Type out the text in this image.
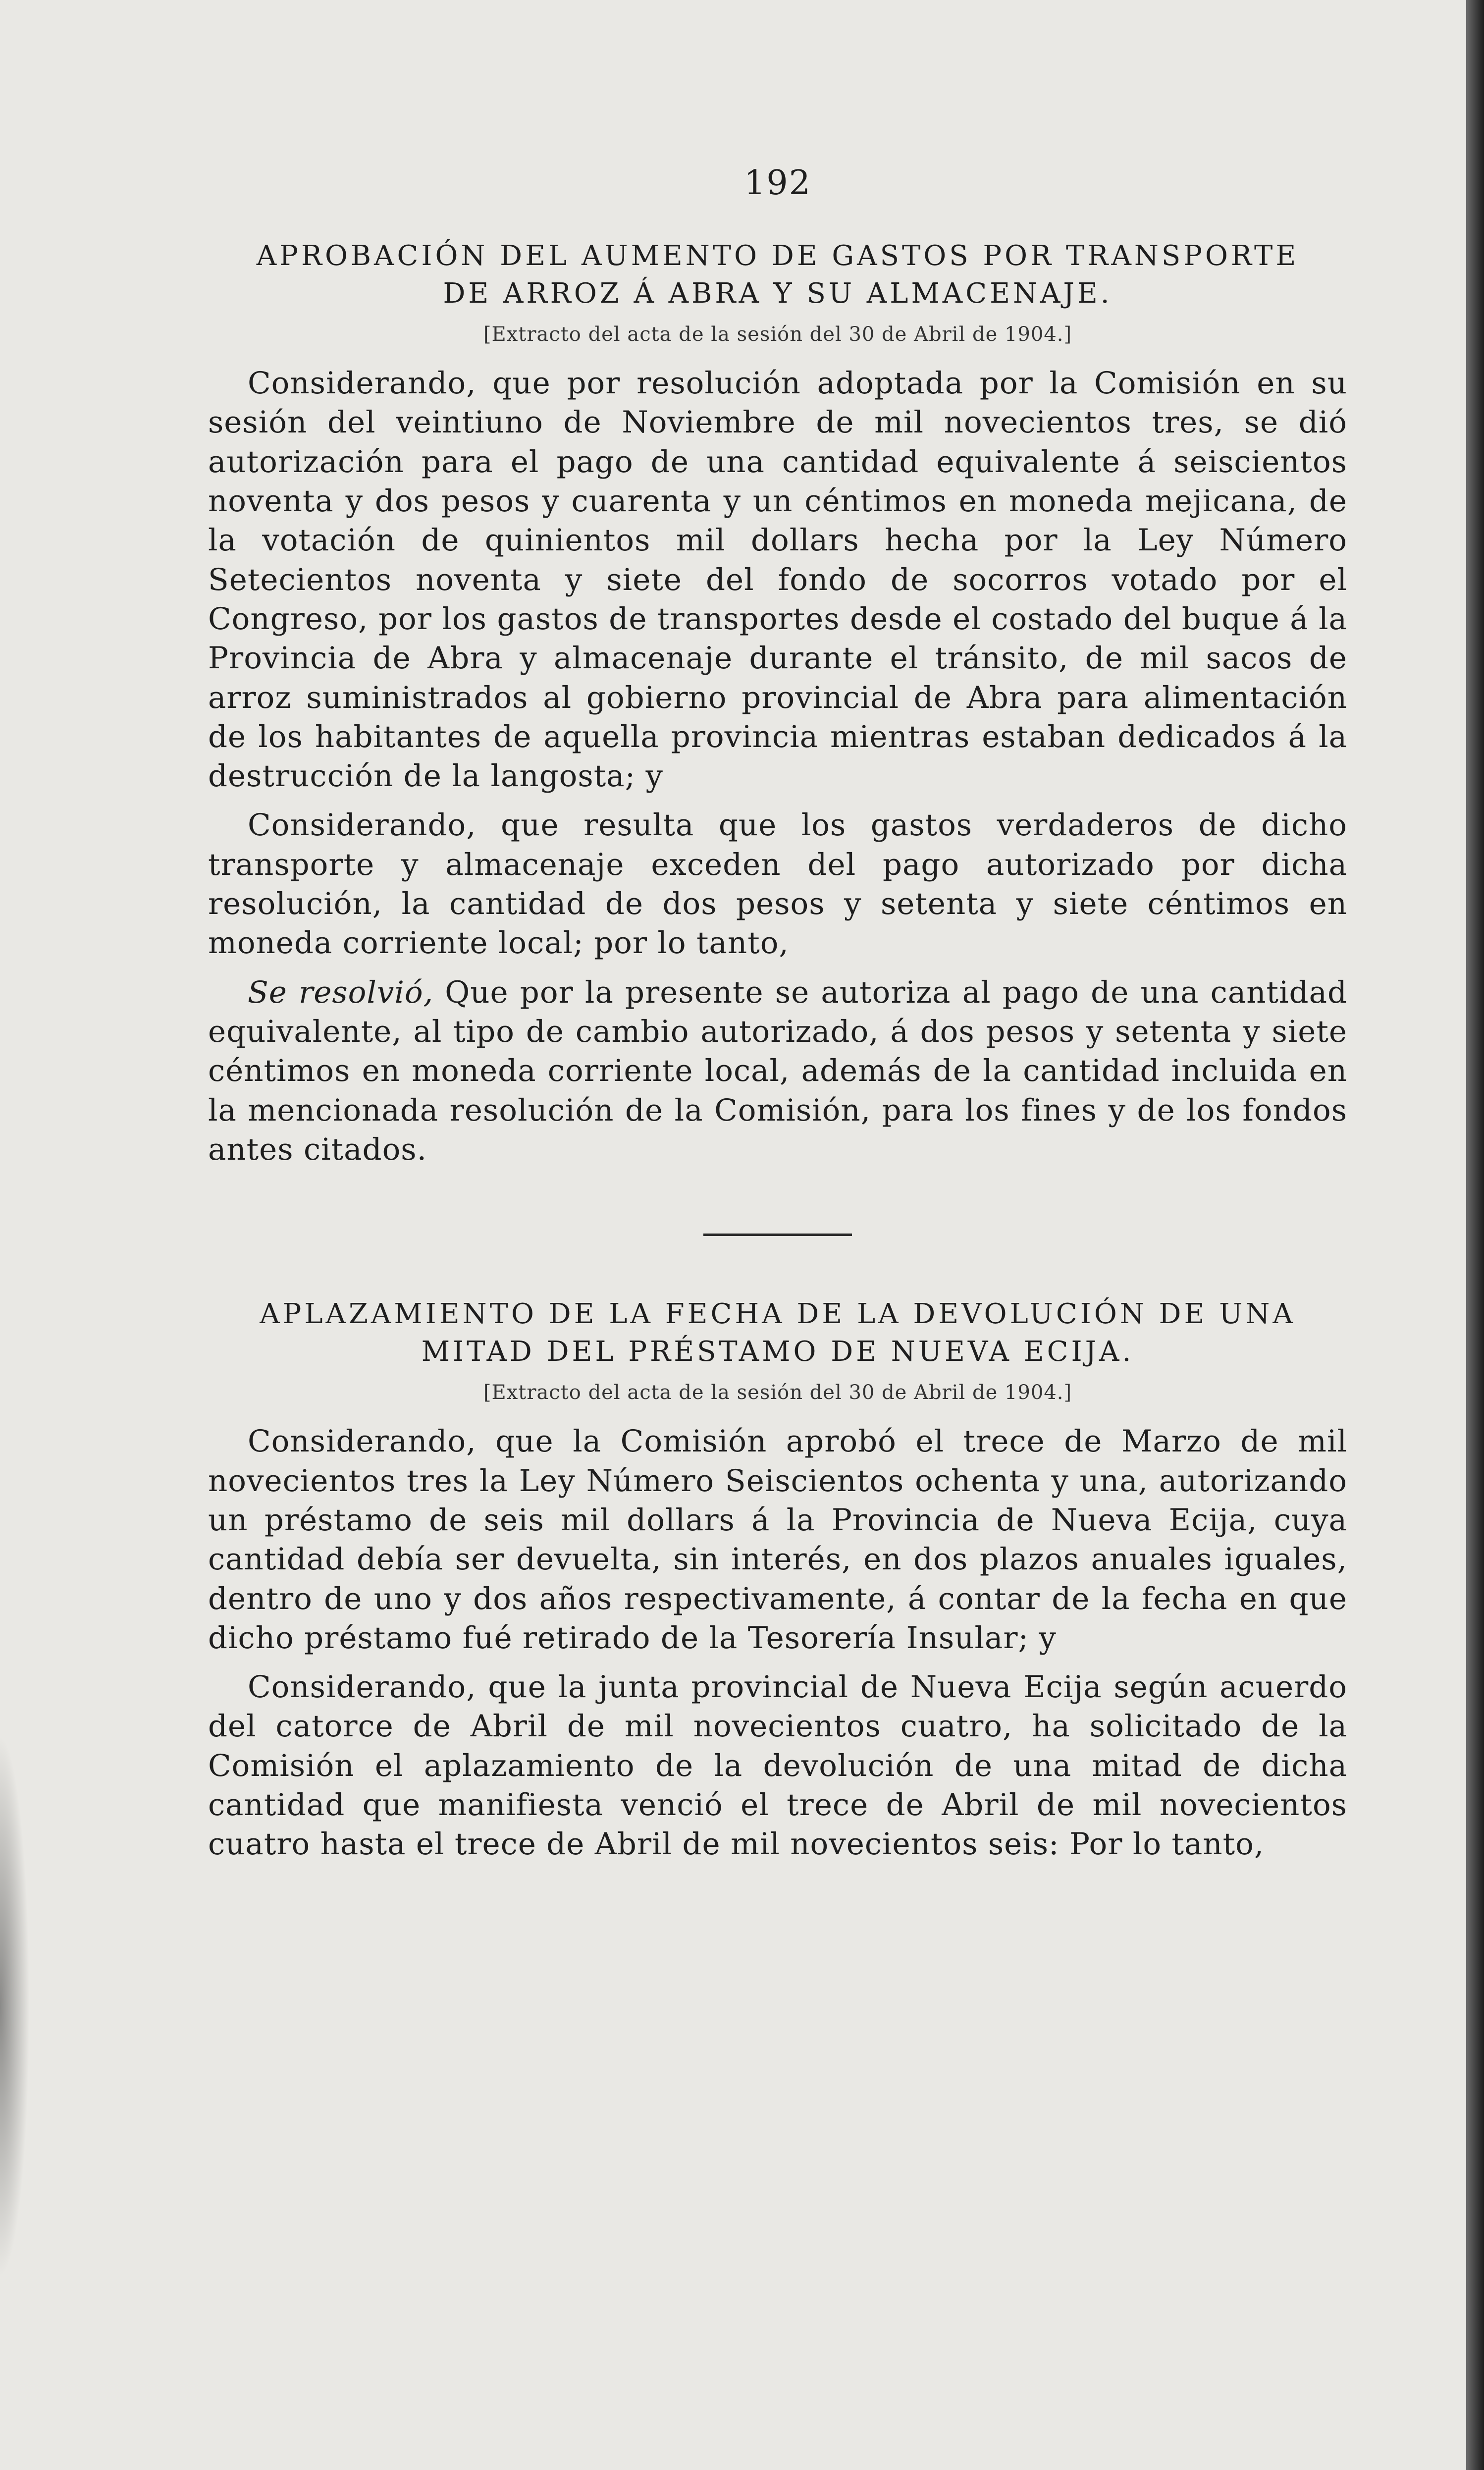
192
APROBACIÓN DEL AUMENTO DE GASTOS POR TRANSPORTE DE ARROZ Á ABRA Y SU ALMACENAJE.
[Extracto del acta de la sesión del 30 de Abril de 1904.]

Considerando, que por resolución adoptada por la Comisión en su sesión del veintiuno de Noviembre de mil novecientos tres, se dió autorización para el pago de una cantidad equivalente á seiscientos noventa y dos pesos y cuarenta y un céntimos en moneda mejicana, de la votación de quinientos mil dollars hecha por la Ley Número Setecientos noventa y siete del fondo de socorros votado por el Congreso, por los gastos de transportes desde el costado del buque á la Provincia de Abra y almacenaje durante el tránsito, de mil sacos de arroz suministrados al gobierno provincial de Abra para alimentación de los habitantes de aquella provincia mientras estaban dedicados á la destrucción de la langosta; y

Considerando, que resulta que los gastos verdaderos de dicho transporte y almacenaje exceden del pago autorizado por dicha resolución, la cantidad de dos pesos y setenta y siete céntimos en moneda corriente local; por lo tanto,

Se resolvió, Que por la presente se autoriza al pago de una cantidad equivalente, al tipo de cambio autorizado, á dos pesos y setenta y siete céntimos en moneda corriente local, además de la cantidad incluida en la mencionada resolución de la Comisión, para los fines y de los fondos antes citados.

APLAZAMIENTO DE LA FECHA DE LA DEVOLUCIÓN DE UNA MITAD DEL PRÉSTAMO DE NUEVA ECIJA.
[Extracto del acta de la sesión del 30 de Abril de 1904.]

Considerando, que la Comisión aprobó el trece de Marzo de mil novecientos tres la Ley Número Seiscientos ochenta y una, autorizando un préstamo de seis mil dollars á la Provincia de Nueva Ecija, cuya cantidad debía ser devuelta, sin interés, en dos plazos anuales iguales, dentro de uno y dos años respectivamente, á contar de la fecha en que dicho préstamo fué retirado de la Tesorería Insular; y

Considerando, que la junta provincial de Nueva Ecija según acuerdo del catorce de Abril de mil novecientos cuatro, ha solicitado de la Comisión el aplazamiento de la devolución de una mitad de dicha cantidad que manifiesta venció el trece de Abril de mil novecientos cuatro hasta el trece de Abril de mil novecientos seis: Por lo tanto,
